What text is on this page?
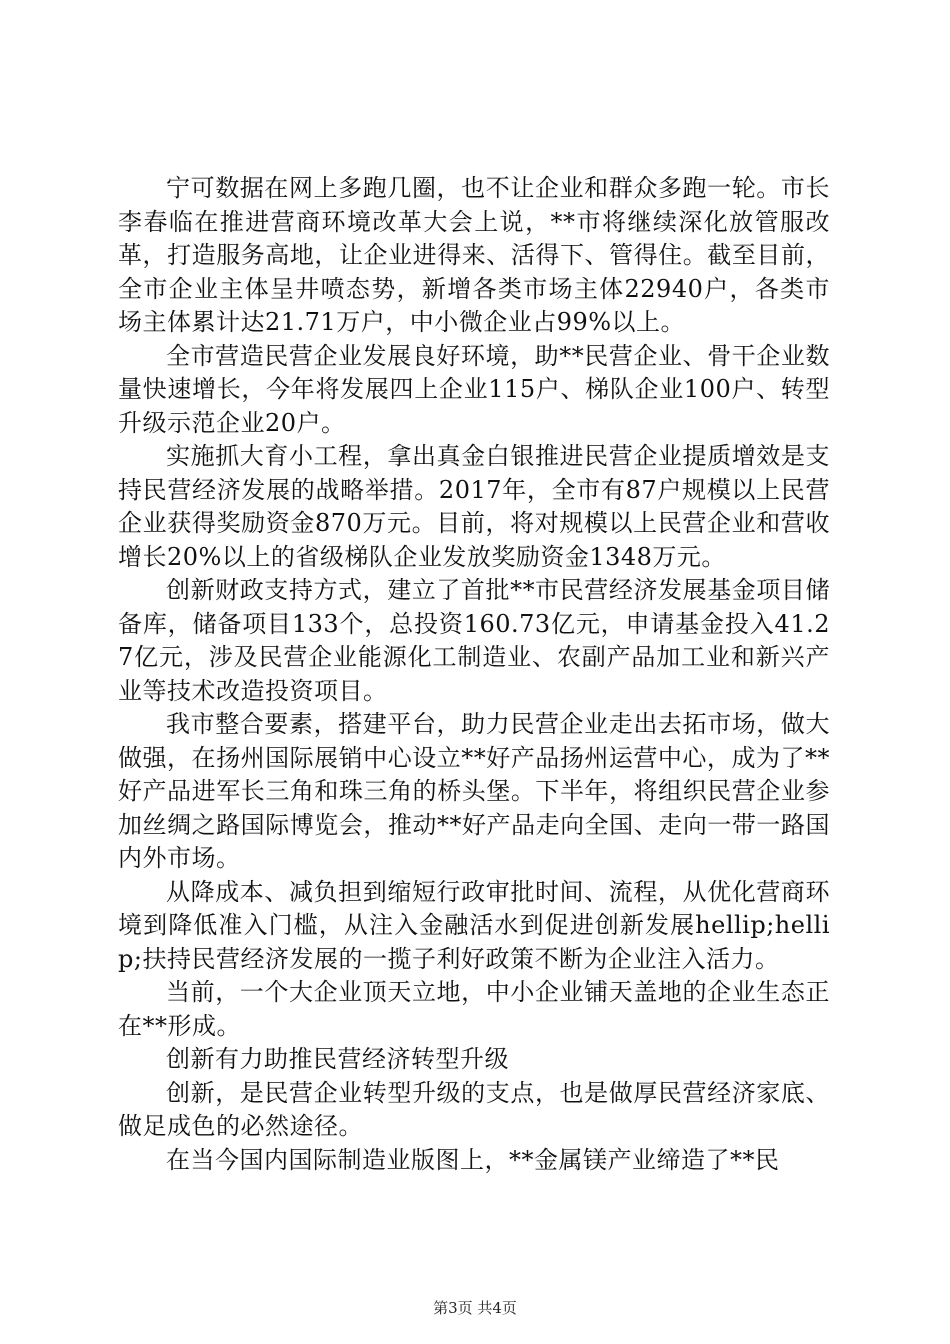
宁可数据在网上多跑几圈，也不让企业和群众多跑一轮。市长李春临在推进营商环境改革大会上说，**市将继续深化放管服改革，打造服务高地，让企业进得来、活得下、管得住。截至目前，全市企业主体呈井喷态势，新增各类市场主体22940户，各类市场主体累计达21.71万户，中小微企业占99%以上。

全市营造民营企业发展良好环境，助**民营企业、骨干企业数量快速增长，今年将发展四上企业115户、梯队企业100户、转型升级示范企业20户。

实施抓大育小工程，拿出真金白银推进民营企业提质增效是支持民营经济发展的战略举措。2017年，全市有87户规模以上民营企业获得奖励资金870万元。目前，将对规模以上民营企业和营收增长20%以上的省级梯队企业发放奖励资金1348万元。

创新财政支持方式，建立了首批**市民营经济发展基金项目储备库，储备项目133个，总投资160.73亿元，申请基金投入41.27亿元，涉及民营企业能源化工制造业、农副产品加工业和新兴产业等技术改造投资项目。

我市整合要素，搭建平台，助力民营企业走出去拓市场，做大做强，在扬州国际展销中心设立**好产品扬州运营中心，成为了**好产品进军长三角和珠三角的桥头堡。下半年，将组织民营企业参加丝绸之路国际博览会，推动**好产品走向全国、走向一带一路国内外市场。

从降成本、减负担到缩短行政审批时间、流程，从优化营商环境到降低准入门槛，从注入金融活水到促进创新发展hellip;hellip;扶持民营经济发展的一揽子利好政策不断为企业注入活力。

当前，一个大企业顶天立地，中小企业铺天盖地的企业生态正在**形成。

创新有力助推民营经济转型升级

创新，是民营企业转型升级的支点，也是做厚民营经济家底、做足成色的必然途径。

在当今国内国际制造业版图上，**金属镁产业缔造了**民

第3页 共4页
